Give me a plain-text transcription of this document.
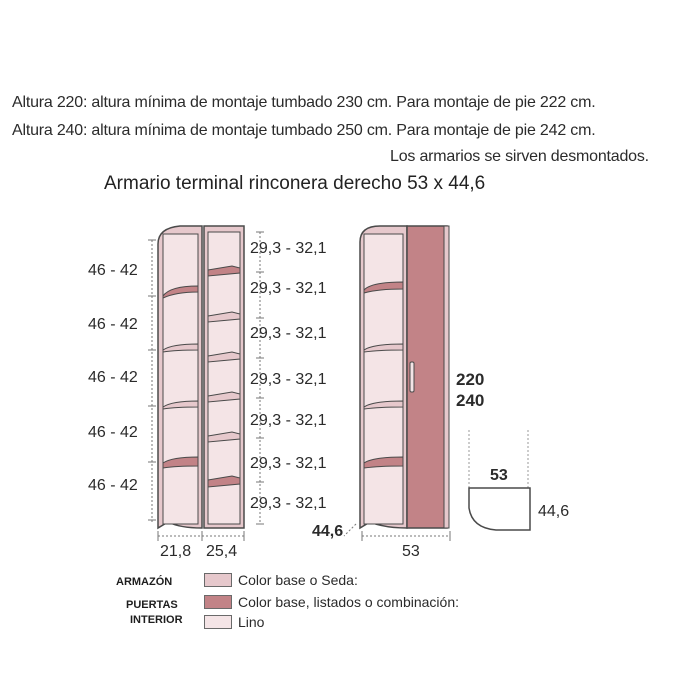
Altura 220: altura mínima de montaje tumbado 230 cm. Para montaje de pie 222 cm.
Altura 240: altura mínima de montaje tumbado 250 cm. Para montaje de pie 242 cm.
Los armarios se sirven desmontados.
Armario terminal rinconera derecho 53 x 44,6
46 - 42
46 - 42
46 - 42
46 - 42
46 - 42
29,3 - 32,1
29,3 - 32,1
29,3 - 32,1
29,3 - 32,1
29,3 - 32,1
29,3 - 32,1
29,3 - 32,1
21,8 25,4
44,6
53
220
240
53
44,6
ARMAZÓN
PUERTAS
INTERIOR
Color base o Seda:
Color base, listados o combinación:
Lino
